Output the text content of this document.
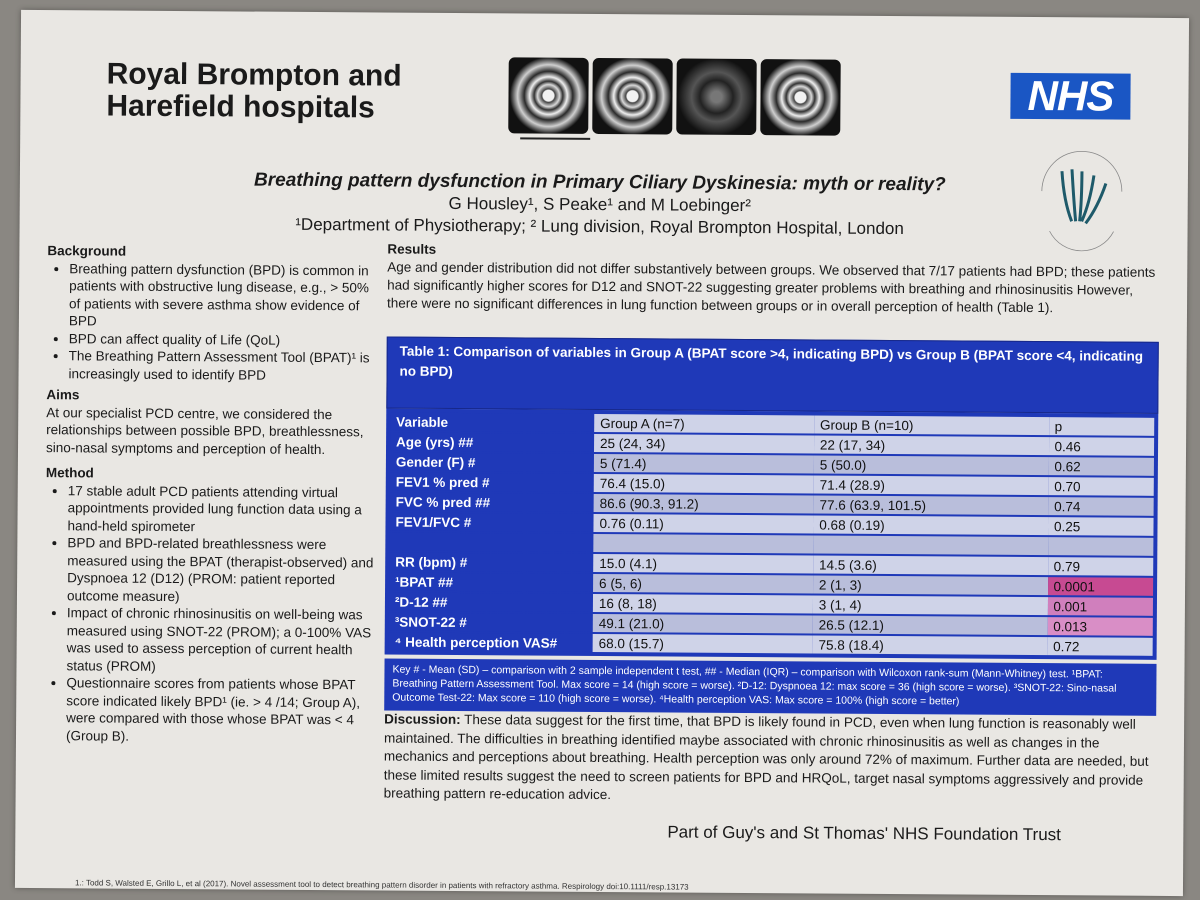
Royal Brompton and Harefield hospitals	NHS
Breathing pattern dysfunction in Primary Ciliary Dyskinesia: myth or reality?
G Housley¹, S Peake¹ and M Loebinger²
¹Department of Physiotherapy; ² Lung division, Royal Brompton Hospital, London
Background
• Breathing pattern dysfunction (BPD) is common in patients with obstructive lung disease, e.g., > 50% of patients with severe asthma show evidence of BPD
• BPD can affect quality of Life (QoL)
• The Breathing Pattern Assessment Tool (BPAT)¹ is increasingly used to identify BPD
Aims

At our specialist PCD centre, we considered the relationships between possible BPD, breathlessness, sino-nasal symptoms and perception of health.

Method
• 17 stable adult PCD patients attending virtual appointments provided lung function data using a hand-held spirometer
• BPD and BPD-related breathlessness were measured using the BPAT (therapist-observed) and Dyspnoea 12 (D12) (PROM: patient reported outcome measure)
• Impact of chronic rhinosinusitis on well-being was measured using SNOT-22 (PROM); a 0-100% VAS was used to assess perception of current health status (PROM)
• Questionnaire scores from patients whose BPAT score indicated likely BPD¹ (ie. > 4 /14; Group A), were compared with those whose BPAT was < 4 (Group B).
Results

Age and gender distribution did not differ substantively between groups. We observed that 7/17 patients had BPD; these patients had significantly higher scores for D12 and SNOT-22 suggesting greater problems with breathing and rhinosinusitis However, there were no significant differences in lung function between groups or in overall perception of health (Table 1).

Table 1: Comparison of variables in Group A (BPAT score >4, indicating BPD) vs Group B (BPAT score <4, indicating no BPD)
Variable	Group A (n=7)	Group B (n=10)	p
Age (yrs) ##	25 (24, 34)	22 (17, 34)	0.46
Gender (F) #	5 (71.4)	5 (50.0)	0.62
FEV1 % pred #	76.4 (15.0)	71.4 (28.9)	0.70
FVC % pred ##	86.6 (90.3, 91.2)	77.6 (63.9, 101.5)	0.74
FEV1/FVC #	0.76 (0.11)	0.68 (0.19)	0.25

RR (bpm) #	15.0 (4.1)	14.5 (3.6)	0.79
¹BPAT ##	6 (5, 6)	2 (1, 3)	0.0001
²D-12 ##	16 (8, 18)	3 (1, 4)	0.001
³SNOT-22 #	49.1 (21.0)	26.5 (12.1)	0.013
⁴ Health perception VAS#	68.0 (15.7)	75.8 (18.4)	0.72
Key # - Mean (SD) – comparison with 2 sample independent t test, ## - Median (IQR) – comparison with Wilcoxon rank-sum (Mann-Whitney) test. ¹BPAT: Breathing Pattern Assessment Tool. Max score = 14 (high score = worse). ²D-12: Dyspnoea 12: max score = 36 (high score = worse). ³SNOT-22: Sino-nasal Outcome Test-22: Max score = 110 (high score = worse). ⁴Health perception VAS: Max score = 100% (high score = better)
Discussion: These data suggest for the first time, that BPD is likely found in PCD, even when lung function is reasonably well maintained. The difficulties in breathing identified maybe associated with chronic rhinosinusitis as well as changes in the mechanics and perceptions about breathing. Health perception was only around 72% of maximum. Further data are needed, but these limited results suggest the need to screen patients for BPD and HRQoL, target nasal symptoms aggressively and provide breathing pattern re-education advice.
Part of Guy's and St Thomas' NHS Foundation Trust
1.: Todd S, Walsted E, Grillo L, et al (2017). Novel assessment tool to detect breathing pattern disorder in patients with refractory asthma. Respirology doi:10.1111/resp.13173
